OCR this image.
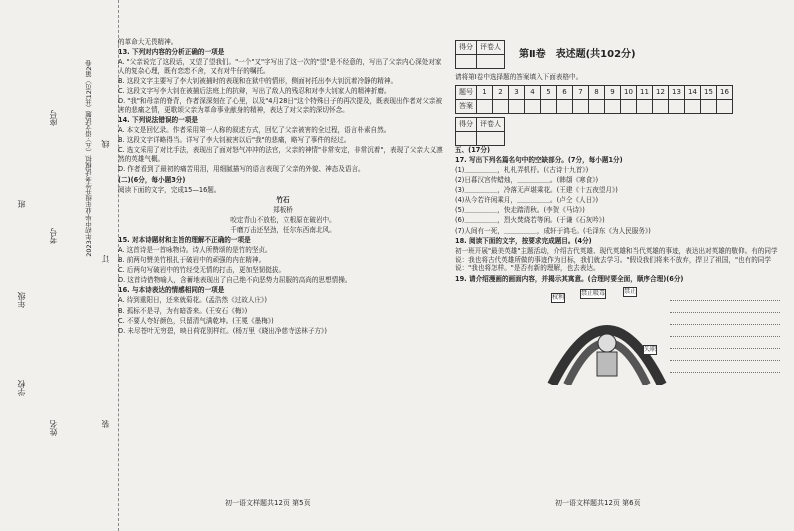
学校
年级
班
姓名
考号
座号	2023年初中毕业年级升学考试模拟（五）·语文试题（共12页）第2卷 线
订
装

的革命大无畏精神。

13. 下列对内容的分析正确的一项是

A. "父亲说完了这段话，又望了望我们。"一个"又"字写出了这一次的"望"是不经意的，写出了父亲内心深处对家人的复杂心理，既有恋恋不舍，又有对牛仔的嘱托。

B. 这段文字主要写了李大钊被捕时的表现和在狱中的情形，侧面衬托出李大钊沉着冷静的精神。

C. 这段文字写李大钊在被捕后法庭上的抗辩，写出了敌人的残忍和对李大钊家人的精神折磨。

D. "我"和母亲的脊背，作者深深刻在了心里，以及"4月28日"这个特殊日子的再次提及，既表现出作者对父亲被害的悲痛之情，更歌颂父亲为革命事业献身的精神，表达了对父亲的深切怀念。

14. 下列说法错误的一项是

A. 本文是回忆录。作者采用第一人称的叙述方式，回忆了父亲被害的全过程，语言朴素自然。

B. 这段文字详略得当。详写了李大钊被害以后"我"的悲痛，略写了事件的经过。

C. 选文采用了对比手法，表现出了面对怒气冲冲的法官，父亲的神情"非常安定，非常沉着"，表现了父亲大义凛然的英雄气概。

D. 作者看到了最初的痛苦用泪，用细腻描写的语言表现了父亲的外貌、神态及语言。

(二)(6分，每小题3分)

阅读下面的文字，完成15—16题。

竹石

郑板桥

咬定青山不放松，立根原在破岩中。

千磨万击还坚劲，任尔东西南北风。

15. 对本诗题材和主旨的理解不正确的一项是

A. 这首诗是一首咏物诗。诗人所赞颂的是竹的坚贞。

B. 前两句赞美竹根扎于破岩中的顽强的内在精神。

C. 后两句写破岩中的竹经受无情的打击，更加坚韧挺拔。

D. 这首诗借物喻人，含蓄地表现出了自己绝不向恶势力屈服的高尚的思想情操。

16. 与本诗表达的情感相同的一项是

A. 待到重阳日，还来就菊花。(孟浩然《过故人庄》)

B. 孤标不是寻，为有暗香来。(王安石《梅》)

C. 不要人夸好颜色，只留清气满乾坤。(王冕《墨梅》)

D. 未尽苍叶无穷碧，映日荷花别样红。(杨万里《晓出净慈寺送林子方》)

初一语文样题共12页 第5页
得分	评卷人

第Ⅱ卷　表述题(共102分)

请将第Ⅰ卷中选择题的答案填入下面表格中。

题号	1	2	3	4	5	6	7	8	9	10	11	12	13	14	15	16
答案																
得分	评卷人

五、(17分)

17. 写出下列名篇名句中的空缺部分。(7分，每小题1分)

(1)＿＿＿＿＿，札札弄机杼。(《古诗十九首》)

(2)日暮汉宫传蜡烛，＿＿＿＿＿。(韩翃《寒食》)

(3)＿＿＿＿＿，冷落无声堪乘花。(王建《十五夜望月》)

(4)从今若许闲乘月，＿＿＿＿＿。(卢仝《人日》)

(5)＿＿＿＿＿，快走踏清秋。(李贺《马诗》)

(6)＿＿＿＿＿，烈火焚烧若等闲。(于谦《石灰吟》)

(7)人间有一死，＿＿＿＿＿，成轩于鸿毛。(毛泽东《为人民服务》)

18. 阅读下面的文字，按要求完成题目。(4分)

初一班开展"最美英雄"主题活动，介绍古代英雄、现代英雄和当代英雄的事迹，表达出对英雄的敬仰。有的同学说：我也将古代英雄所做的事迹作为目标，我们就去学习。"假设我们将来不放弃，捍卫了祖国，"也有的同学说："我也将怎样。"是否有新的理解，也去表达。

19. 请介绍漫画的画面内容，并揭示其寓意。(合理时要全面，顺序合理)(6分)

权利
禁止吸毒	禁止
失职
初一语文样题共12页 第6页
